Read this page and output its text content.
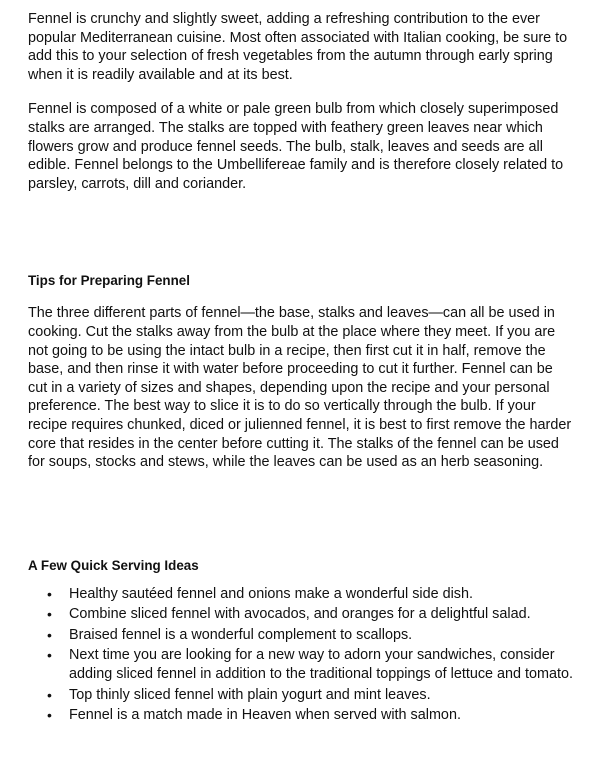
Fennel is crunchy and slightly sweet, adding a refreshing contribution to the ever popular Mediterranean cuisine. Most often associated with Italian cooking, be sure to add this to your selection of fresh vegetables from the autumn through early spring when it is readily available and at its best.

Fennel is composed of a white or pale green bulb from which closely superimposed stalks are arranged. The stalks are topped with feathery green leaves near which flowers grow and produce fennel seeds. The bulb, stalk, leaves and seeds are all edible. Fennel belongs to the Umbellifereae family and is therefore closely related to parsley, carrots, dill and coriander.

Tips for Preparing Fennel

The three different parts of fennel—the base, stalks and leaves—can all be used in cooking. Cut the stalks away from the bulb at the place where they meet. If you are not going to be using the intact bulb in a recipe, then first cut it in half, remove the base, and then rinse it with water before proceeding to cut it further. Fennel can be cut in a variety of sizes and shapes, depending upon the recipe and your personal preference. The best way to slice it is to do so vertically through the bulb. If your recipe requires chunked, diced or julienned fennel, it is best to first remove the harder core that resides in the center before cutting it. The stalks of the fennel can be used for soups, stocks and stews, while the leaves can be used as an herb seasoning.

A Few Quick Serving Ideas
• Healthy sautéed fennel and onions make a wonderful side dish.
• Combine sliced fennel with avocados, and oranges for a delightful salad.
• Braised fennel is a wonderful complement to scallops.
• Next time you are looking for a new way to adorn your sandwiches, consider adding sliced fennel in addition to the traditional toppings of lettuce and tomato.
• Top thinly sliced fennel with plain yogurt and mint leaves.
• Fennel is a match made in Heaven when served with salmon.
